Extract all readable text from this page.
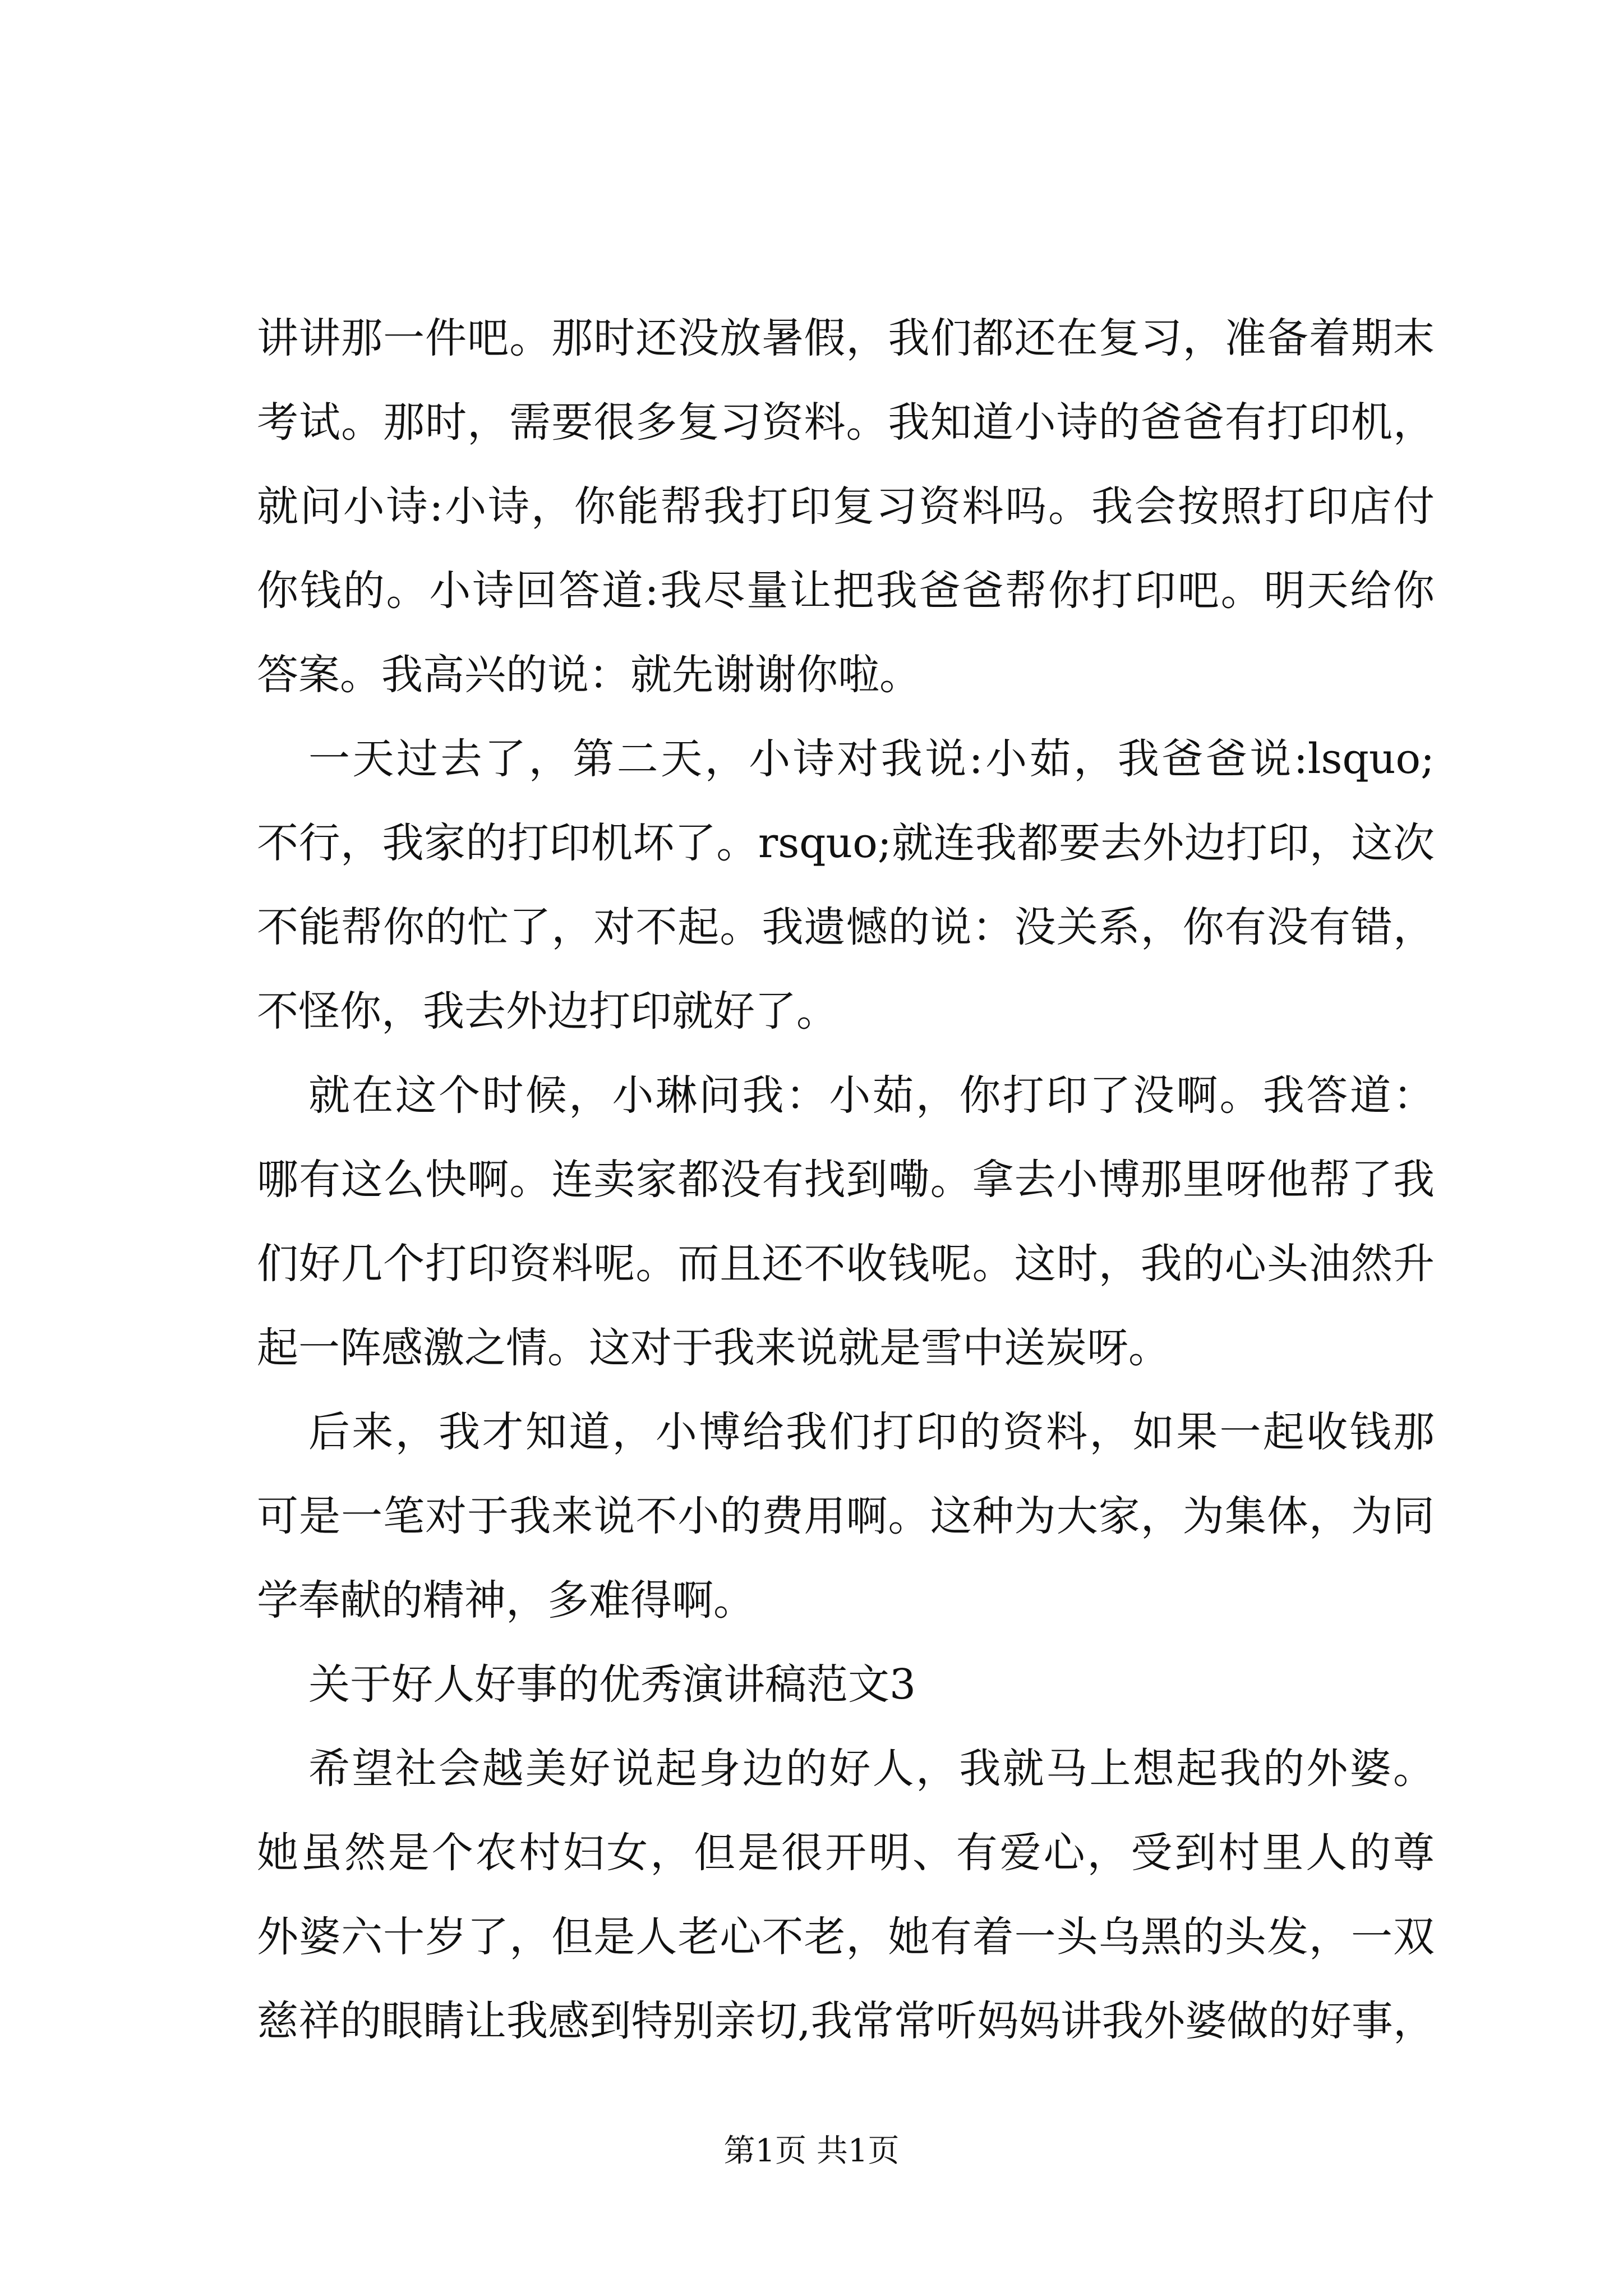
讲讲那一件吧。那时还没放暑假，我们都还在复习，准备着期末
考试。那时，需要很多复习资料。我知道小诗的爸爸有打印机，
就问小诗:小诗，你能帮我打印复习资料吗。我会按照打印店付
你钱的。小诗回答道:我尽量让把我爸爸帮你打印吧。明天给你
答案。我高兴的说：就先谢谢你啦。
一天过去了，第二天，小诗对我说:小茹，我爸爸说:lsquo;
不行，我家的打印机坏了。rsquo;就连我都要去外边打印，这次
不能帮你的忙了，对不起。我遗憾的说：没关系，你有没有错，
不怪你，我去外边打印就好了。
就在这个时候，小琳问我：小茹，你打印了没啊。我答道：
哪有这么快啊。连卖家都没有找到嘞。拿去小博那里呀他帮了我
们好几个打印资料呢。而且还不收钱呢。这时，我的心头油然升
起一阵感激之情。这对于我来说就是雪中送炭呀。
后来，我才知道，小博给我们打印的资料，如果一起收钱那
可是一笔对于我来说不小的费用啊。这种为大家，为集体，为同
学奉献的精神，多难得啊。
关于好人好事的优秀演讲稿范文3
希望社会越美好说起身边的好人，我就马上想起我的外婆。
她虽然是个农村妇女，但是很开明、有爱心，受到村里人的尊
外婆六十岁了，但是人老心不老，她有着一头乌黑的头发，一双
慈祥的眼睛让我感到特别亲切,我常常听妈妈讲我外婆做的好事，
第1页 共1页
